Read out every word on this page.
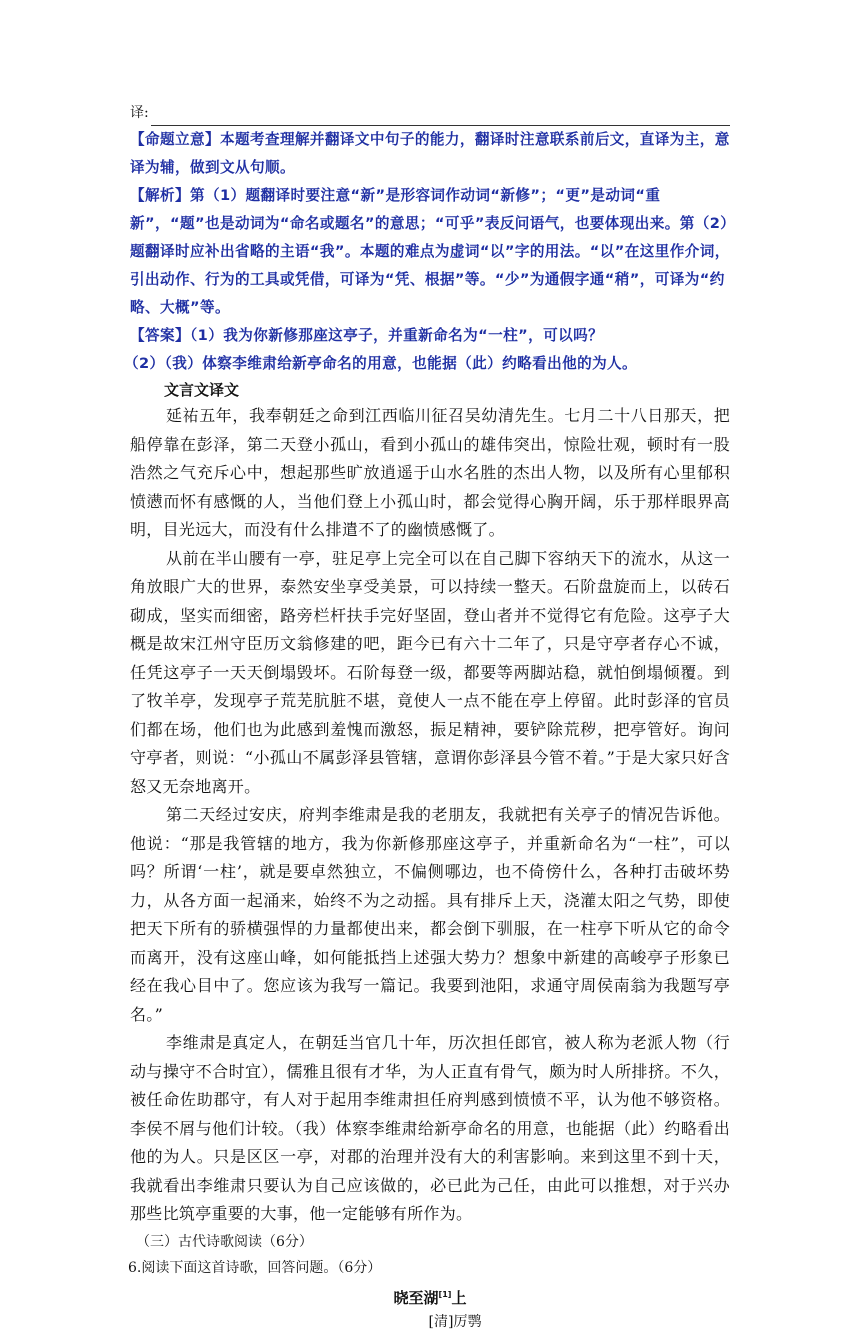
译:

【命题立意】本题考查理解并翻译文中句子的能力，翻译时注意联系前后文，直译为主，意译为辅，做到文从句顺。

【解析】第（1）题翻译时要注意“新”是形容词作动词“新修”；“更”是动词“重新”，“题”也是动词为“命名或题名”的意思；“可乎”表反问语气，也要体现出来。第（2）题翻译时应补出省略的主语“我”。本题的难点为虚词“以”字的用法。“以”在这里作介词，引出动作、行为的工具或凭借，可译为“凭、根据”等。“少”为通假字通“稍”，可译为“约略、大概”等。

【答案】（1）我为你新修那座这亭子，并重新命名为“一柱”，可以吗？

（2）（我）体察李维肃给新亭命名的用意，也能据（此）约略看出他的为人。

文言文译文

延祐五年，我奉朝廷之命到江西临川征召吴幼清先生。七月二十八日那天，把船停靠在彭泽，第二天登小孤山，看到小孤山的雄伟突出，惊险壮观，顿时有一股浩然之气充斥心中，想起那些旷放逍遥于山水名胜的杰出人物，以及所有心里郁积愤懑而怀有感慨的人，当他们登上小孤山时，都会觉得心胸开阔，乐于那样眼界高明，目光远大，而没有什么排遣不了的幽愤感慨了。

从前在半山腰有一亭，驻足亭上完全可以在自己脚下容纳天下的流水，从这一角放眼广大的世界，泰然安坐享受美景，可以持续一整天。石阶盘旋而上，以砖石砌成，坚实而细密，路旁栏杆扶手完好坚固，登山者并不觉得它有危险。这亭子大概是故宋江州守臣历文翁修建的吧，距今已有六十二年了，只是守亭者存心不诚，任凭这亭子一天天倒塌毁坏。石阶每登一级，都要等两脚站稳，就怕倒塌倾覆。到了牧羊亭，发现亭子荒芜肮脏不堪，竟使人一点不能在亭上停留。此时彭泽的官员们都在场，他们也为此感到羞愧而激怒，振足精神，要铲除荒秽，把亭管好。询问守亭者，则说：“小孤山不属彭泽县管辖，意谓你彭泽县今管不着。”于是大家只好含怒又无奈地离开。

第二天经过安庆，府判李维肃是我的老朋友，我就把有关亭子的情况告诉他。他说：“那是我管辖的地方，我为你新修那座这亭子，并重新命名为“一柱”，可以吗？所谓‘一柱’，就是要卓然独立，不偏侧哪边，也不倚傍什么，各种打击破坏势力，从各方面一起涌来，始终不为之动摇。具有排斥上天，浇灌太阳之气势，即使把天下所有的骄横强悍的力量都使出来，都会倒下驯服，在一柱亭下听从它的命令而离开，没有这座山峰，如何能抵挡上述强大势力？想象中新建的高峻亭子形象已经在我心目中了。您应该为我写一篇记。我要到池阳，求通守周侯南翁为我题写亭名。”

李维肃是真定人，在朝廷当官几十年，历次担任郎官，被人称为老派人物（行动与操守不合时宜），儒雅且很有才华，为人正直有骨气，颇为时人所排挤。不久，被任命佐助郡守，有人对于起用李维肃担任府判感到愤愤不平，认为他不够资格。李侯不屑与他们计较。（我）体察李维肃给新亭命名的用意，也能据（此）约略看出他的为人。只是区区一亭，对郡的治理并没有大的利害影响。来到这里不到十天，我就看出李维肃只要认为自己应该做的，必已此为己任，由此可以推想，对于兴办那些比筑亭重要的大事，他一定能够有所作为。

（三）古代诗歌阅读（6分）

6.阅读下面这首诗歌，回答问题。（6分）

晓至湖[1]上

[清]厉鹗
